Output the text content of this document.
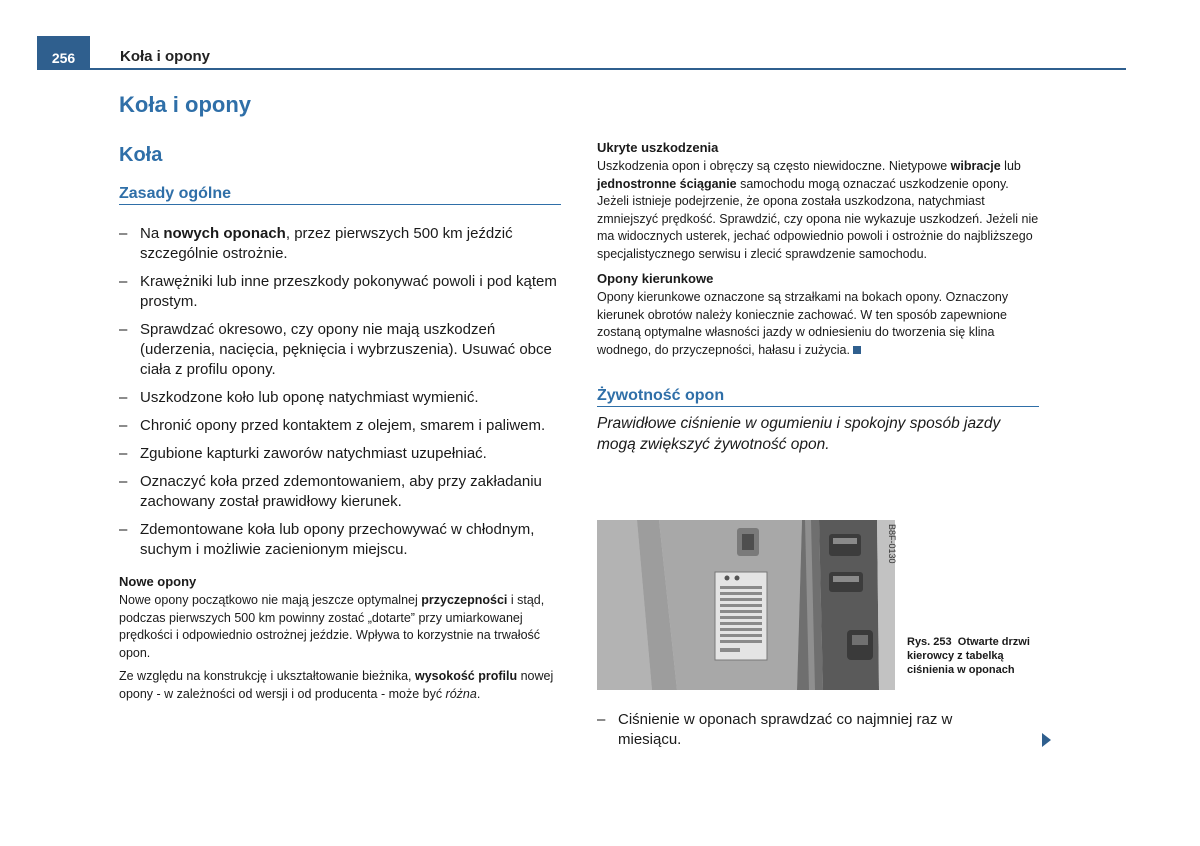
256	Koła i opony
Koła i opony
Koła
Zasady ogólne
– Na nowych oponach, przez pierwszych 500 km jeździć szczególnie ostrożnie.
– Krawężniki lub inne przeszkody pokonywać powoli i pod kątem prostym.
– Sprawdzać okresowo, czy opony nie mają uszkodzeń (uderzenia, nacięcia, pęknięcia i wybrzuszenia). Usuwać obce ciała z profilu opony.
– Uszkodzone koło lub oponę natychmiast wymienić.
– Chronić opony przed kontaktem z olejem, smarem i paliwem.
– Zgubione kapturki zaworów natychmiast uzupełniać.
– Oznaczyć koła przed zdemontowaniem, aby przy zakładaniu zachowany został prawidłowy kierunek.
– Zdemontowane koła lub opony przechowywać w chłodnym, suchym i możliwie zacienionym miejscu.
Nowe opony

Nowe opony początkowo nie mają jeszcze optymalnej przyczepności i stąd, podczas pierwszych 500 km powinny zostać „dotarte” przy umiarkowanej prędkości i odpowiednio ostrożnej jeździe. Wpływa to korzystnie na trwałość opon.

Ze względu na konstrukcję i ukształtowanie bieżnika, wysokość profilu nowej opony - w zależności od wersji i od producenta - może być różna.

Ukryte uszkodzenia

Uszkodzenia opon i obręczy są często niewidoczne. Nietypowe wibracje lub jednostronne ściąganie samochodu mogą oznaczać uszkodzenie opony. Jeżeli istnieje podejrzenie, że opona została uszkodzona, natychmiast zmniejszyć prędkość. Sprawdzić, czy opona nie wykazuje uszkodzeń. Jeżeli nie ma widocznych usterek, jechać odpowiednio powoli i ostrożnie do najbliższego specjalistycznego serwisu i zlecić sprawdzenie samochodu.

Opony kierunkowe

Opony kierunkowe oznaczone są strzałkami na bokach opony. Oznaczony kierunek obrotów należy koniecznie zachować. W ten sposób zapewnione zostaną optymalne własności jazdy w odniesieniu do tworzenia się klina wodnego, do przyczepności, hałasu i zużycia.

Żywotność opon
Prawidłowe ciśnienie w ogumieniu i spokojny sposób jazdy mogą zwiększyć żywotność opon.
B8F-0130
Rys. 253 Otwarte drzwi kierowcy z tabelką ciśnienia w oponach
– Ciśnienie w oponach sprawdzać co najmniej raz w miesiącu.
